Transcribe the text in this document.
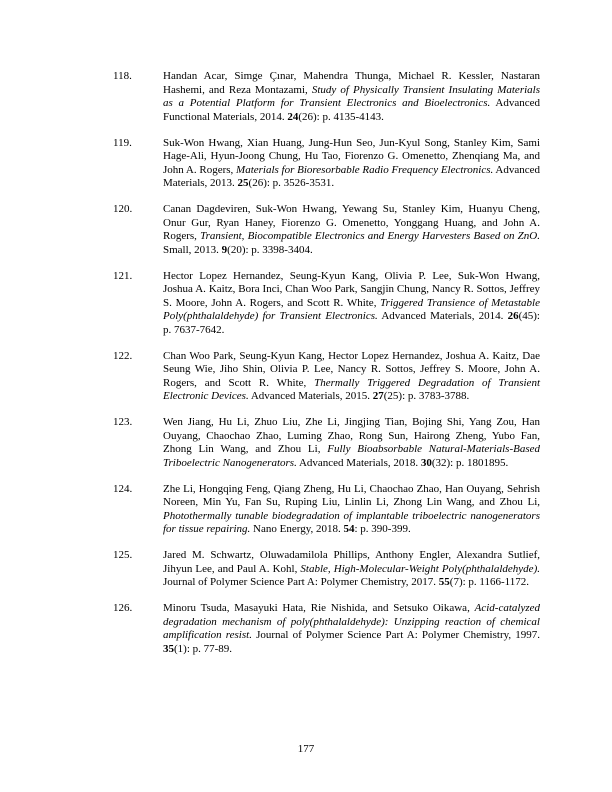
118.	Handan Acar, Simge Çınar, Mahendra Thunga, Michael R. Kessler, Nastaran Hashemi, and Reza Montazami, Study of Physically Transient Insulating Materials as a Potential Platform for Transient Electronics and Bioelectronics. Advanced Functional Materials, 2014. 24(26): p. 4135-4143.
119.	Suk-Won Hwang, Xian Huang, Jung-Hun Seo, Jun-Kyul Song, Stanley Kim, Sami Hage-Ali, Hyun-Joong Chung, Hu Tao, Fiorenzo G. Omenetto, Zhenqiang Ma, and John A. Rogers, Materials for Bioresorbable Radio Frequency Electronics. Advanced Materials, 2013. 25(26): p. 3526-3531.
120.	Canan Dagdeviren, Suk-Won Hwang, Yewang Su, Stanley Kim, Huanyu Cheng, Onur Gur, Ryan Haney, Fiorenzo G. Omenetto, Yonggang Huang, and John A. Rogers, Transient, Biocompatible Electronics and Energy Harvesters Based on ZnO. Small, 2013. 9(20): p. 3398-3404.
121.	Hector Lopez Hernandez, Seung-Kyun Kang, Olivia P. Lee, Suk-Won Hwang, Joshua A. Kaitz, Bora Inci, Chan Woo Park, Sangjin Chung, Nancy R. Sottos, Jeffrey S. Moore, John A. Rogers, and Scott R. White, Triggered Transience of Metastable Poly(phthalaldehyde) for Transient Electronics. Advanced Materials, 2014. 26(45): p. 7637-7642.
122.	Chan Woo Park, Seung-Kyun Kang, Hector Lopez Hernandez, Joshua A. Kaitz, Dae Seung Wie, Jiho Shin, Olivia P. Lee, Nancy R. Sottos, Jeffrey S. Moore, John A. Rogers, and Scott R. White, Thermally Triggered Degradation of Transient Electronic Devices. Advanced Materials, 2015. 27(25): p. 3783-3788.
123.	Wen Jiang, Hu Li, Zhuo Liu, Zhe Li, Jingjing Tian, Bojing Shi, Yang Zou, Han Ouyang, Chaochao Zhao, Luming Zhao, Rong Sun, Hairong Zheng, Yubo Fan, Zhong Lin Wang, and Zhou Li, Fully Bioabsorbable Natural-Materials-Based Triboelectric Nanogenerators. Advanced Materials, 2018. 30(32): p. 1801895.
124.	Zhe Li, Hongqing Feng, Qiang Zheng, Hu Li, Chaochao Zhao, Han Ouyang, Sehrish Noreen, Min Yu, Fan Su, Ruping Liu, Linlin Li, Zhong Lin Wang, and Zhou Li, Photothermally tunable biodegradation of implantable triboelectric nanogenerators for tissue repairing. Nano Energy, 2018. 54: p. 390-399.
125.	Jared M. Schwartz, Oluwadamilola Phillips, Anthony Engler, Alexandra Sutlief, Jihyun Lee, and Paul A. Kohl, Stable, High-Molecular-Weight Poly(phthalaldehyde). Journal of Polymer Science Part A: Polymer Chemistry, 2017. 55(7): p. 1166-1172.
126.	Minoru Tsuda, Masayuki Hata, Rie Nishida, and Setsuko Oikawa, Acid-catalyzed degradation mechanism of poly(phthalaldehyde): Unzipping reaction of chemical amplification resist. Journal of Polymer Science Part A: Polymer Chemistry, 1997. 35(1): p. 77-89.
177
